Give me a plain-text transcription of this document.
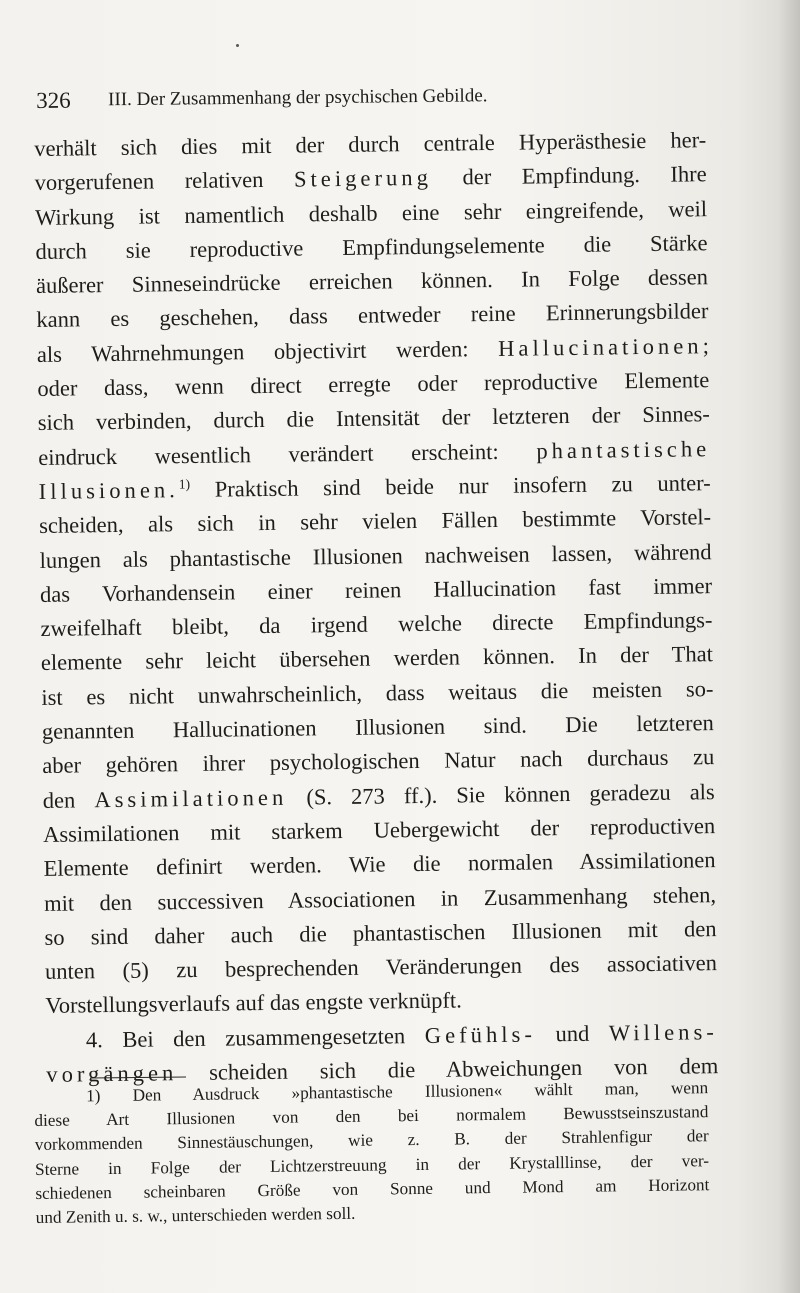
326 III. Der Zusammenhang der psychischen Gebilde.
verhält sich dies mit der durch centrale Hyperästhesie her-
vorgerufenen relativen Steigerung der Empfindung. Ihre
Wirkung ist namentlich deshalb eine sehr eingreifende, weil
durch sie reproductive Empfindungselemente die Stärke
äußerer Sinneseindrücke erreichen können. In Folge dessen
kann es geschehen, dass entweder reine Erinnerungsbilder
als Wahrnehmungen objectivirt werden: Hallucinationen;
oder dass, wenn direct erregte oder reproductive Elemente
sich verbinden, durch die Intensität der letzteren der Sinnes-
eindruck wesentlich verändert erscheint: phantastische
Illusionen.$^{1)}$ Praktisch sind beide nur insofern zu unter-
scheiden, als sich in sehr vielen Fällen bestimmte Vorstel-
lungen als phantastische Illusionen nachweisen lassen, während
das Vorhandensein einer reinen Hallucination fast immer
zweifelhaft bleibt, da irgend welche directe Empfindungs-
elemente sehr leicht übersehen werden können. In der That
ist es nicht unwahrscheinlich, dass weitaus die meisten so-
genannten Hallucinationen Illusionen sind. Die letzteren
aber gehören ihrer psychologischen Natur nach durchaus zu
den Assimilationen (S. 273 ff.). Sie können geradezu als
Assimilationen mit starkem Uebergewicht der reproductiven
Elemente definirt werden. Wie die normalen Assimilationen
mit den successiven Associationen in Zusammenhang stehen,
so sind daher auch die phantastischen Illusionen mit den
unten (5) zu besprechenden Veränderungen des associativen
Vorstellungsverlaufs auf das engste verknüpft.
4. Bei den zusammengesetzten Gefühls- und Willens-
vorgängen scheiden sich die Abweichungen von dem
1) Den Ausdruck »phantastische Illusionen« wählt man, wenn
diese Art Illusionen von den bei normalem Bewusstseinszustand
vorkommenden Sinnestäuschungen, wie z. B. der Strahlenfigur der
Sterne in Folge der Lichtzerstreuung in der Krystalllinse, der ver-
schiedenen scheinbaren Größe von Sonne und Mond am Horizont
und Zenith u. s. w., unterschieden werden soll.
